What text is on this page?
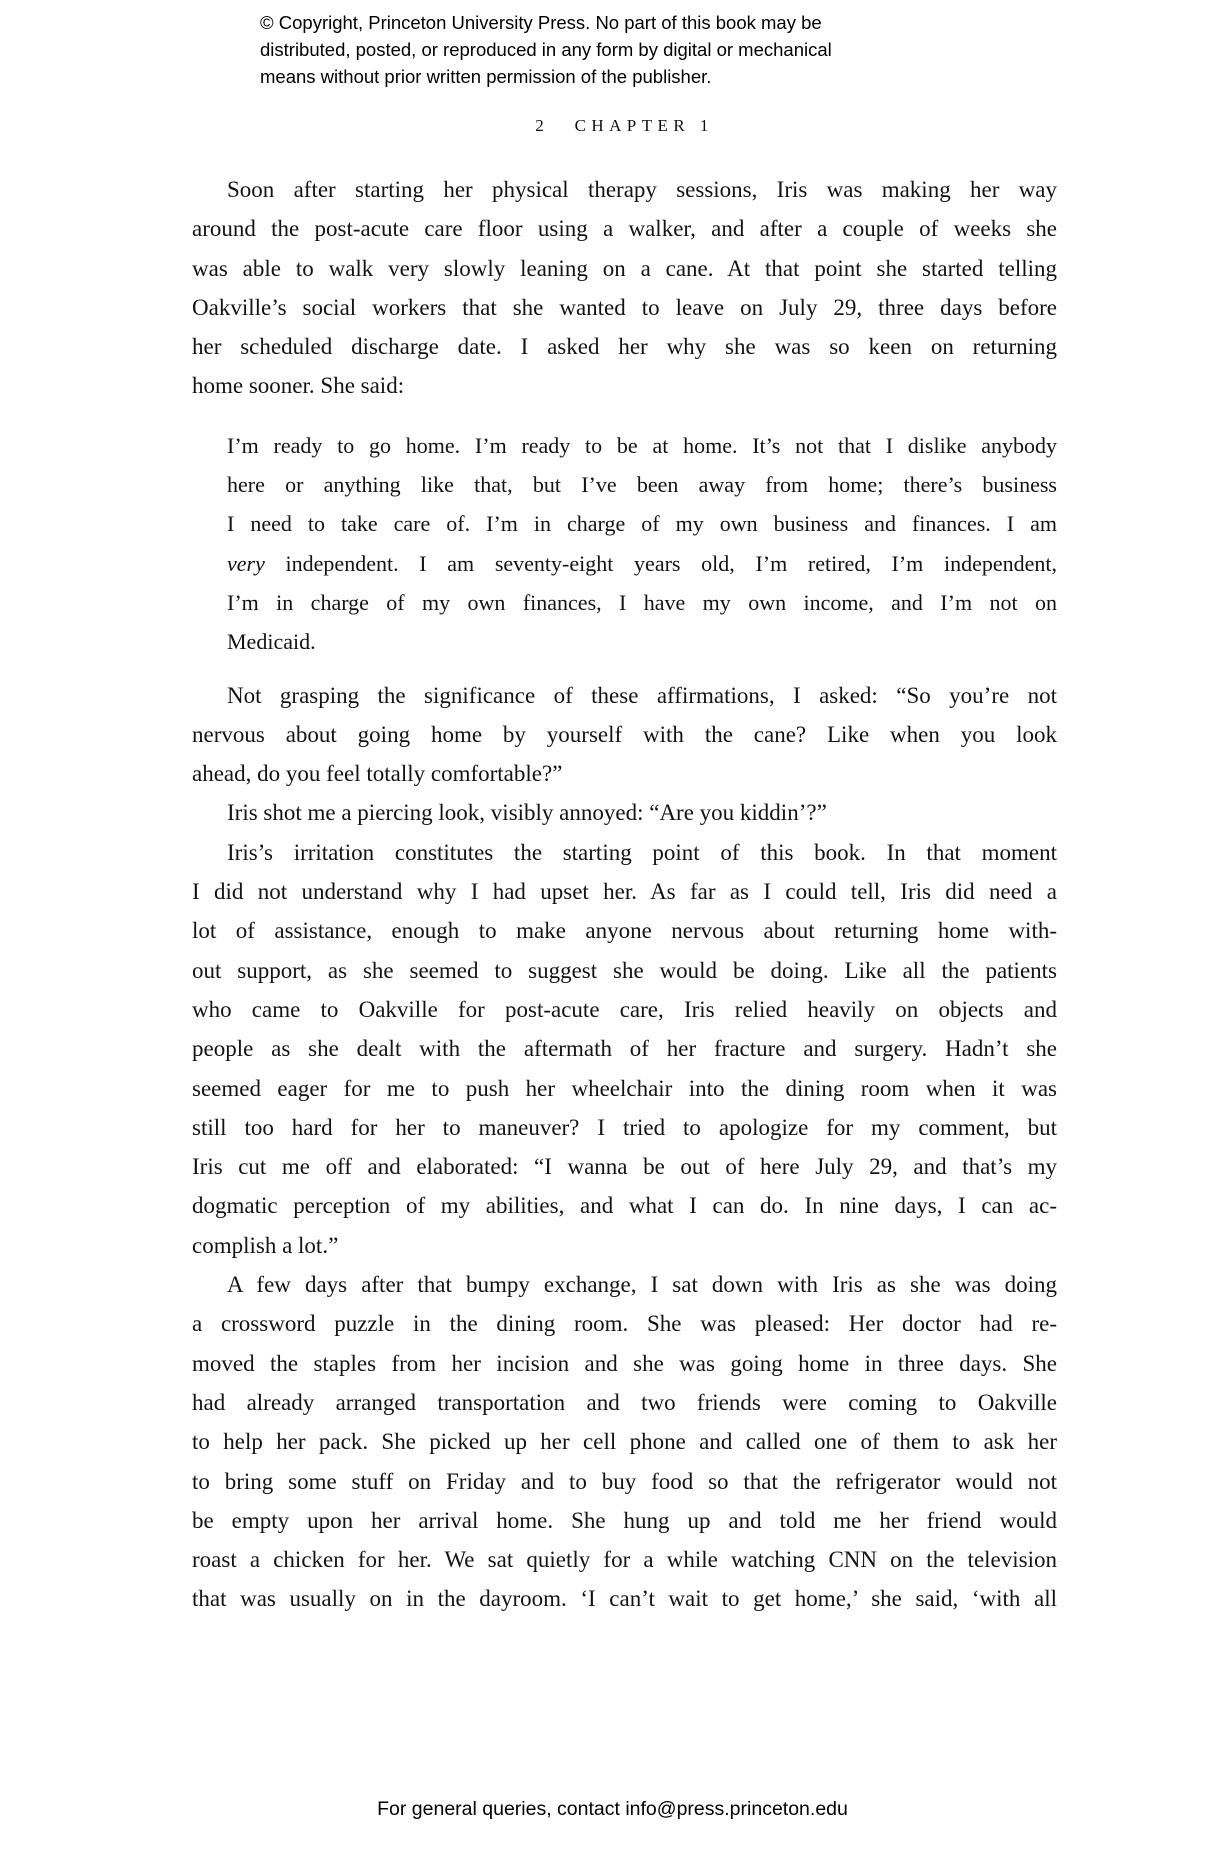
© Copyright, Princeton University Press. No part of this book may be
distributed, posted, or reproduced in any form by digital or mechanical
means without prior written permission of the publisher.
2 CHAPTER 1
Soon after starting her physical therapy sessions, Iris was making her way
around the post-acute care floor using a walker, and after a couple of weeks she
was able to walk very slowly leaning on a cane. At that point she started telling
Oakville’s social workers that she wanted to leave on July 29, three days before
her scheduled discharge date. I asked her why she was so keen on returning
home sooner. She said:
I’m ready to go home. I’m ready to be at home. It’s not that I dislike anybody
here or anything like that, but I’ve been away from home; there’s business
I need to take care of. I’m in charge of my own business and finances. I am
very independent. I am seventy-eight years old, I’m retired, I’m independent,
I’m in charge of my own finances, I have my own income, and I’m not on
Medicaid.
Not grasping the significance of these affirmations, I asked: “So you’re not
nervous about going home by yourself with the cane? Like when you look
ahead, do you feel totally comfortable?”
Iris shot me a piercing look, visibly annoyed: “Are you kiddin’?”
Iris’s irritation constitutes the starting point of this book. In that moment
I did not understand why I had upset her. As far as I could tell, Iris did need a
lot of assistance, enough to make anyone nervous about returning home with-
out support, as she seemed to suggest she would be doing. Like all the patients
who came to Oakville for post-acute care, Iris relied heavily on objects and
people as she dealt with the aftermath of her fracture and surgery. Hadn’t she
seemed eager for me to push her wheelchair into the dining room when it was
still too hard for her to maneuver? I tried to apologize for my comment, but
Iris cut me off and elaborated: “I wanna be out of here July 29, and that’s my
dogmatic perception of my abilities, and what I can do. In nine days, I can ac-
complish a lot.”
A few days after that bumpy exchange, I sat down with Iris as she was doing
a crossword puzzle in the dining room. She was pleased: Her doctor had re-
moved the staples from her incision and she was going home in three days. She
had already arranged transportation and two friends were coming to Oakville
to help her pack. She picked up her cell phone and called one of them to ask her
to bring some stuff on Friday and to buy food so that the refrigerator would not
be empty upon her arrival home. She hung up and told me her friend would
roast a chicken for her. We sat quietly for a while watching CNN on the television
that was usually on in the dayroom. ‘I can’t wait to get home,’ she said, ‘with all
For general queries, contact info@press.princeton.edu
